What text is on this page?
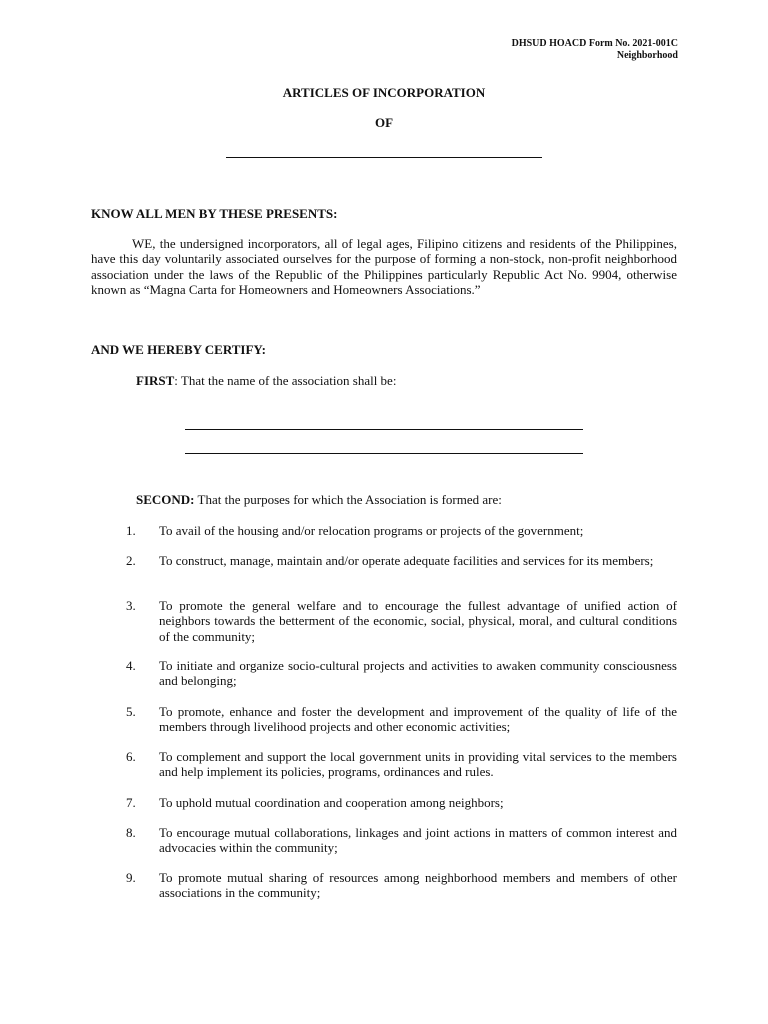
DHSUD HOACD Form No. 2021-001C
Neighborhood
ARTICLES OF INCORPORATION
OF
KNOW ALL MEN BY THESE PRESENTS:
WE, the undersigned incorporators, all of legal ages, Filipino citizens and residents of the Philippines, have this day voluntarily associated ourselves for the purpose of forming a non-stock, non-profit neighborhood association under the laws of the Republic of the Philippines particularly Republic Act No. 9904, otherwise known as “Magna Carta for Homeowners and Homeowners Associations.”
AND WE HEREBY CERTIFY:
FIRST: That the name of the association shall be:
SECOND: That the purposes for which the Association is formed are:
1. To avail of the housing and/or relocation programs or projects of the government;
2. To construct, manage, maintain and/or operate adequate facilities and services for its members;
3. To promote the general welfare and to encourage the fullest advantage of unified action of neighbors towards the betterment of the economic, social, physical, moral, and cultural conditions of the community;
4. To initiate and organize socio-cultural projects and activities to awaken community consciousness and belonging;
5. To promote, enhance and foster the development and improvement of the quality of life of the members through livelihood projects and other economic activities;
6. To complement and support the local government units in providing vital services to the members and help implement its policies, programs, ordinances and rules.
7. To uphold mutual coordination and cooperation among neighbors;
8. To encourage mutual collaborations, linkages and joint actions in matters of common interest and advocacies within the community;
9. To promote mutual sharing of resources among neighborhood members and members of other associations in the community;
